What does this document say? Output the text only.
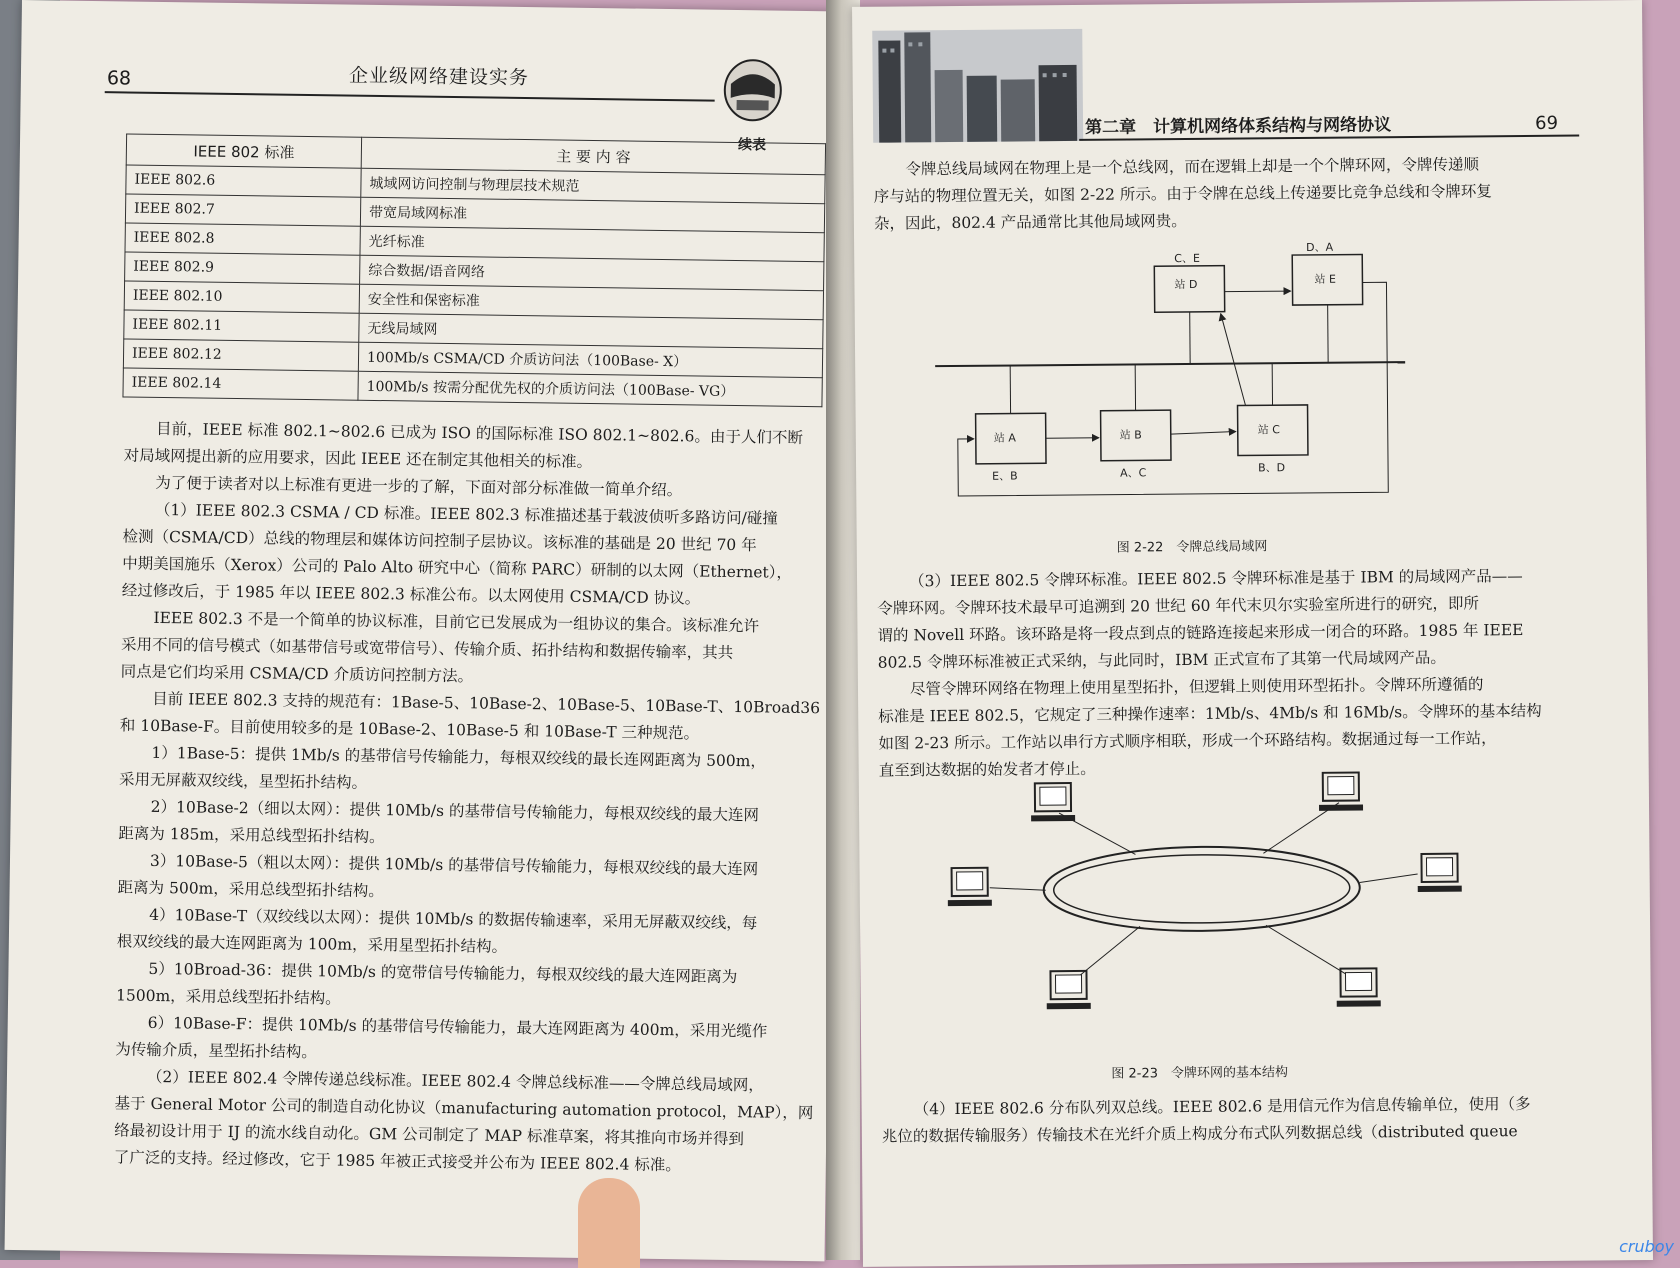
68	企业级网络建设实务
续表
IEEE 802 标准	主 要 内 容
IEEE 802.6	城域网访问控制与物理层技术规范
IEEE 802.7	带宽局域网标准
IEEE 802.8	光纤标准
IEEE 802.9	综合数据/语音网络
IEEE 802.10	安全性和保密标准
IEEE 802.11	无线局域网
IEEE 802.12	100Mb/s CSMA/CD 介质访问法（100Base- X）
IEEE 802.14	100Mb/s 按需分配优先权的介质访问法（100Base- VG）

目前，IEEE 标准 802.1~802.6 已成为 ISO 的国际标准 ISO 802.1~802.6。由于人们不断

对局域网提出新的应用要求，因此 IEEE 还在制定其他相关的标准。

为了便于读者对以上标准有更进一步的了解，下面对部分标准做一简单介绍。

（1）IEEE 802.3 CSMA / CD 标准。IEEE 802.3 标准描述基于载波侦听多路访问/碰撞

检测（CSMA/CD）总线的物理层和媒体访问控制子层协议。该标准的基础是 20 世纪 70 年

中期美国施乐（Xerox）公司的 Palo Alto 研究中心（简称 PARC）研制的以太网（Ethernet），

经过修改后，于 1985 年以 IEEE 802.3 标准公布。以太网使用 CSMA/CD 协议。

IEEE 802.3 不是一个简单的协议标准，目前它已发展成为一组协议的集合。该标准允许

采用不同的信号模式（如基带信号或宽带信号）、传输介质、拓扑结构和数据传输率，其共

同点是它们均采用 CSMA/CD 介质访问控制方法。

目前 IEEE 802.3 支持的规范有：1Base-5、10Base-2、10Base-5、10Base-T、10Broad36

和 10Base-F。目前使用较多的是 10Base-2、10Base-5 和 10Base-T 三种规范。

1）1Base-5：提供 1Mb/s 的基带信号传输能力，每根双绞线的最长连网距离为 500m，

采用无屏蔽双绞线，星型拓扑结构。

2）10Base-2（细以太网）：提供 10Mb/s 的基带信号传输能力，每根双绞线的最大连网

距离为 185m，采用总线型拓扑结构。

3）10Base-5（粗以太网）：提供 10Mb/s 的基带信号传输能力，每根双绞线的最大连网

距离为 500m，采用总线型拓扑结构。

4）10Base-T（双绞线以太网）：提供 10Mb/s 的数据传输速率，采用无屏蔽双绞线，每

根双绞线的最大连网距离为 100m，采用星型拓扑结构。

5）10Broad-36：提供 10Mb/s 的宽带信号传输能力，每根双绞线的最大连网距离为

1500m，采用总线型拓扑结构。

6）10Base-F：提供 10Mb/s 的基带信号传输能力，最大连网距离为 400m，采用光缆作

为传输介质，星型拓扑结构。

（2）IEEE 802.4 令牌传递总线标准。IEEE 802.4 令牌总线标准——令牌总线局域网，

基于 General Motor 公司的制造自动化协议（manufacturing automation protocol，MAP），网

络最初设计用于 IJ 的流水线自动化。GM 公司制定了 MAP 标准草案，将其推向市场并得到

了广泛的支持。经过修改，它于 1985 年被正式接受并公布为 IEEE 802.4 标准。

第二章　计算机网络体系结构与网络协议	69

令牌总线局域网在物理上是一个总线网，而在逻辑上却是一个个牌环网，令牌传递顺

序与站的物理位置无关，如图 2-22 所示。由于令牌在总线上传递要比竞争总线和令牌环复

杂，因此，802.4 产品通常比其他局域网贵。

站 D	站 E
站 A	站 B	站 C
E、B	A、C	B、D
C、E
D、A
图 2-22　令牌总线局域网

（3）IEEE 802.5 令牌环标准。IEEE 802.5 令牌环标准是基于 IBM 的局域网产品——

令牌环网。令牌环技术最早可追溯到 20 世纪 60 年代末贝尔实验室所进行的研究，即所

谓的 Novell 环路。该环路是将一段点到点的链路连接起来形成一闭合的环路。1985 年 IEEE

802.5 令牌环标准被正式采纳，与此同时，IBM 正式宣布了其第一代局域网产品。

尽管令牌环网络在物理上使用星型拓扑，但逻辑上则使用环型拓扑。令牌环所遵循的

标准是 IEEE 802.5，它规定了三种操作速率：1Mb/s、4Mb/s 和 16Mb/s。令牌环的基本结构

如图 2-23 所示。工作站以串行方式顺序相联，形成一个环路结构。数据通过每一工作站，

直至到达数据的始发者才停止。

图 2-23　令牌环网的基本结构

（4）IEEE 802.6 分布队列双总线。IEEE 802.6 是用信元作为信息传输单位，使用（多

兆位的数据传输服务）传输技术在光纤介质上构成分布式队列数据总线（distributed queue

cruboy
